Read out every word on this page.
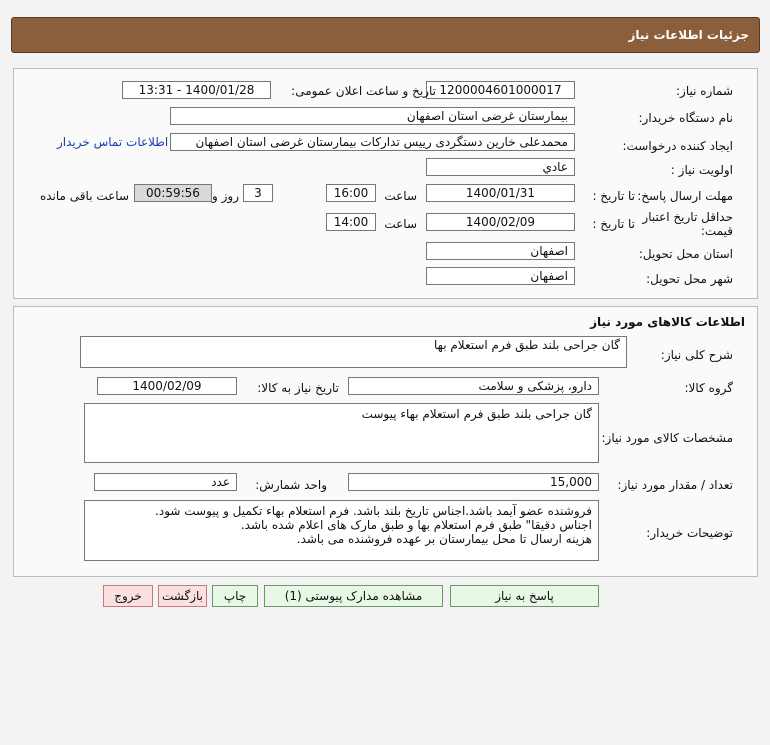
جزئیات اطلاعات نیاز
شماره نیاز:
1200004601000017
تاریخ و ساعت اعلان عمومی:
1400/01/28 - 13:31
نام دستگاه خریدار:
بیمارستان غرضی استان اصفهان
ایجاد کننده درخواست:
محمدعلی خارین دستگردی رییس تدارکات بیمارستان غرضی استان اصفهان
اطلاعات تماس خریدار
اولویت نیاز :
عادي
مهلت ارسال پاسخ:
تا تاریخ :
1400/01/31
ساعت
16:00
3
روز و
00:59:56
ساعت باقی مانده
حداقل تاریخ اعتبار قیمت:
تا تاریخ :
1400/02/09
ساعت
14:00
استان محل تحویل:
اصفهان
شهر محل تحویل:
اصفهان
اطلاعات کالاهای مورد نیاز
شرح کلی نیاز:
گان جراحی بلند طبق فرم استعلام بها
گروه کالا:
دارو، پزشکی و سلامت
تاریخ نیاز به کالا:
1400/02/09
مشخصات کالای مورد نیاز:
گان جراحی بلند طبق فرم استعلام بهاء پیوست
تعداد / مقدار مورد نیاز:
15,000
واحد شمارش:
عدد
توضیحات خریدار:
فروشنده عضو آیمد باشد.اجناس تاریخ بلند باشد. فرم استعلام بهاء تکمیل و پیوست شود.
اجناس دقیقا" طبق فرم استعلام بها و طبق مارک های اعلام شده باشد.
هزینه ارسال تا محل بیمارستان بر عهده فروشنده می باشد.
پاسخ به نیاز
مشاهده مدارک پیوستی (1)
چاپ
بازگشت
خروج
